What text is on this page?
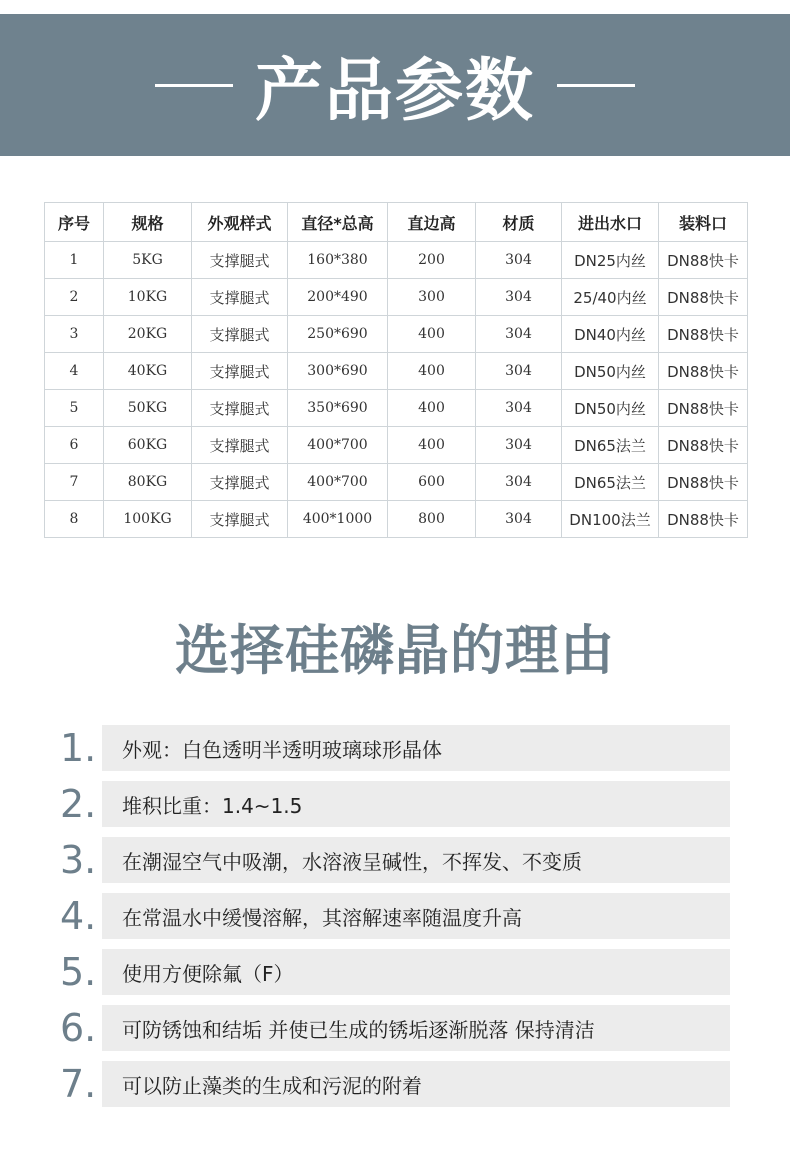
产品参数
序号	规格	外观样式	直径*总高	直边高	材质	进出水口	装料口
1	5KG	支撑腿式	160*380	200	304	DN25内丝	DN88快卡
2	10KG	支撑腿式	200*490	300	304	25/40内丝	DN88快卡
3	20KG	支撑腿式	250*690	400	304	DN40内丝	DN88快卡
4	40KG	支撑腿式	300*690	400	304	DN50内丝	DN88快卡
5	50KG	支撑腿式	350*690	400	304	DN50内丝	DN88快卡
6	60KG	支撑腿式	400*700	400	304	DN65法兰	DN88快卡
7	80KG	支撑腿式	400*700	600	304	DN65法兰	DN88快卡
8	100KG	支撑腿式	400*1000	800	304	DN100法兰	DN88快卡
选择硅磷晶的理由
1.	外观：白色透明半透明玻璃球形晶体
2.	堆积比重：1.4~1.5
3.	在潮湿空气中吸潮，水溶液呈碱性，不挥发、不变质
4.	在常温水中缓慢溶解，其溶解速率随温度升高
5.	使用方便除氟（F）
6.	可防锈蚀和结垢 并使已生成的锈垢逐渐脱落 保持清洁
7.	可以防止藻类的生成和污泥的附着
